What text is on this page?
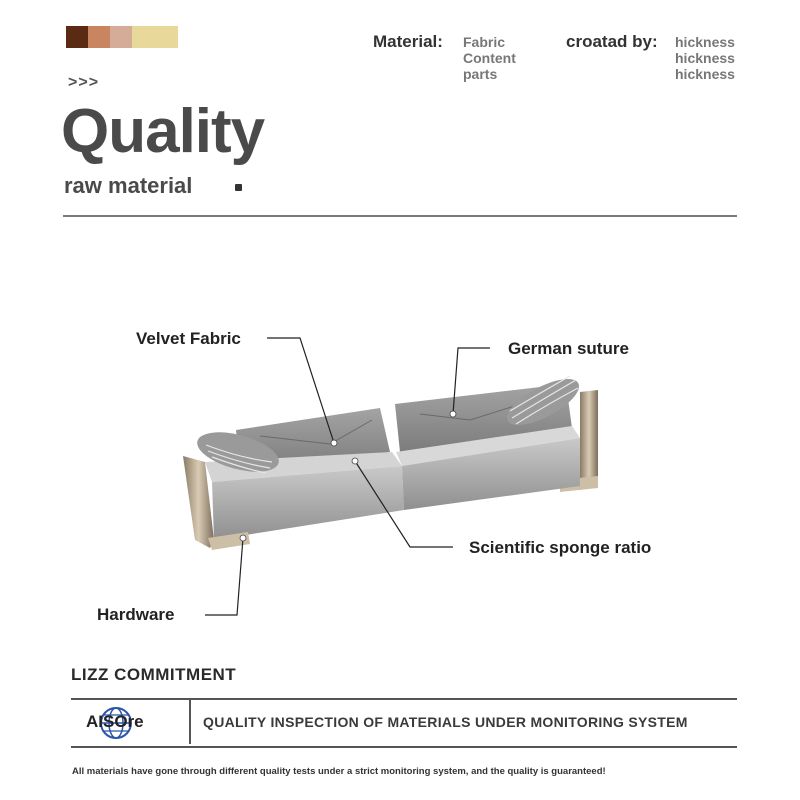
Material: Fabric
Content
parts
croatad by: hickness
hickness
hickness
>>>
Quality
raw material
Velvet Fabric
German suture
Scientific sponge ratio
Hardware
LIZZ COMMITMENT
AISOre	QUALITY INSPECTION OF MATERIALS UNDER MONITORING SYSTEM
All materials have gone through different quality tests under a strict monitoring system, and the quality is guaranteed!
